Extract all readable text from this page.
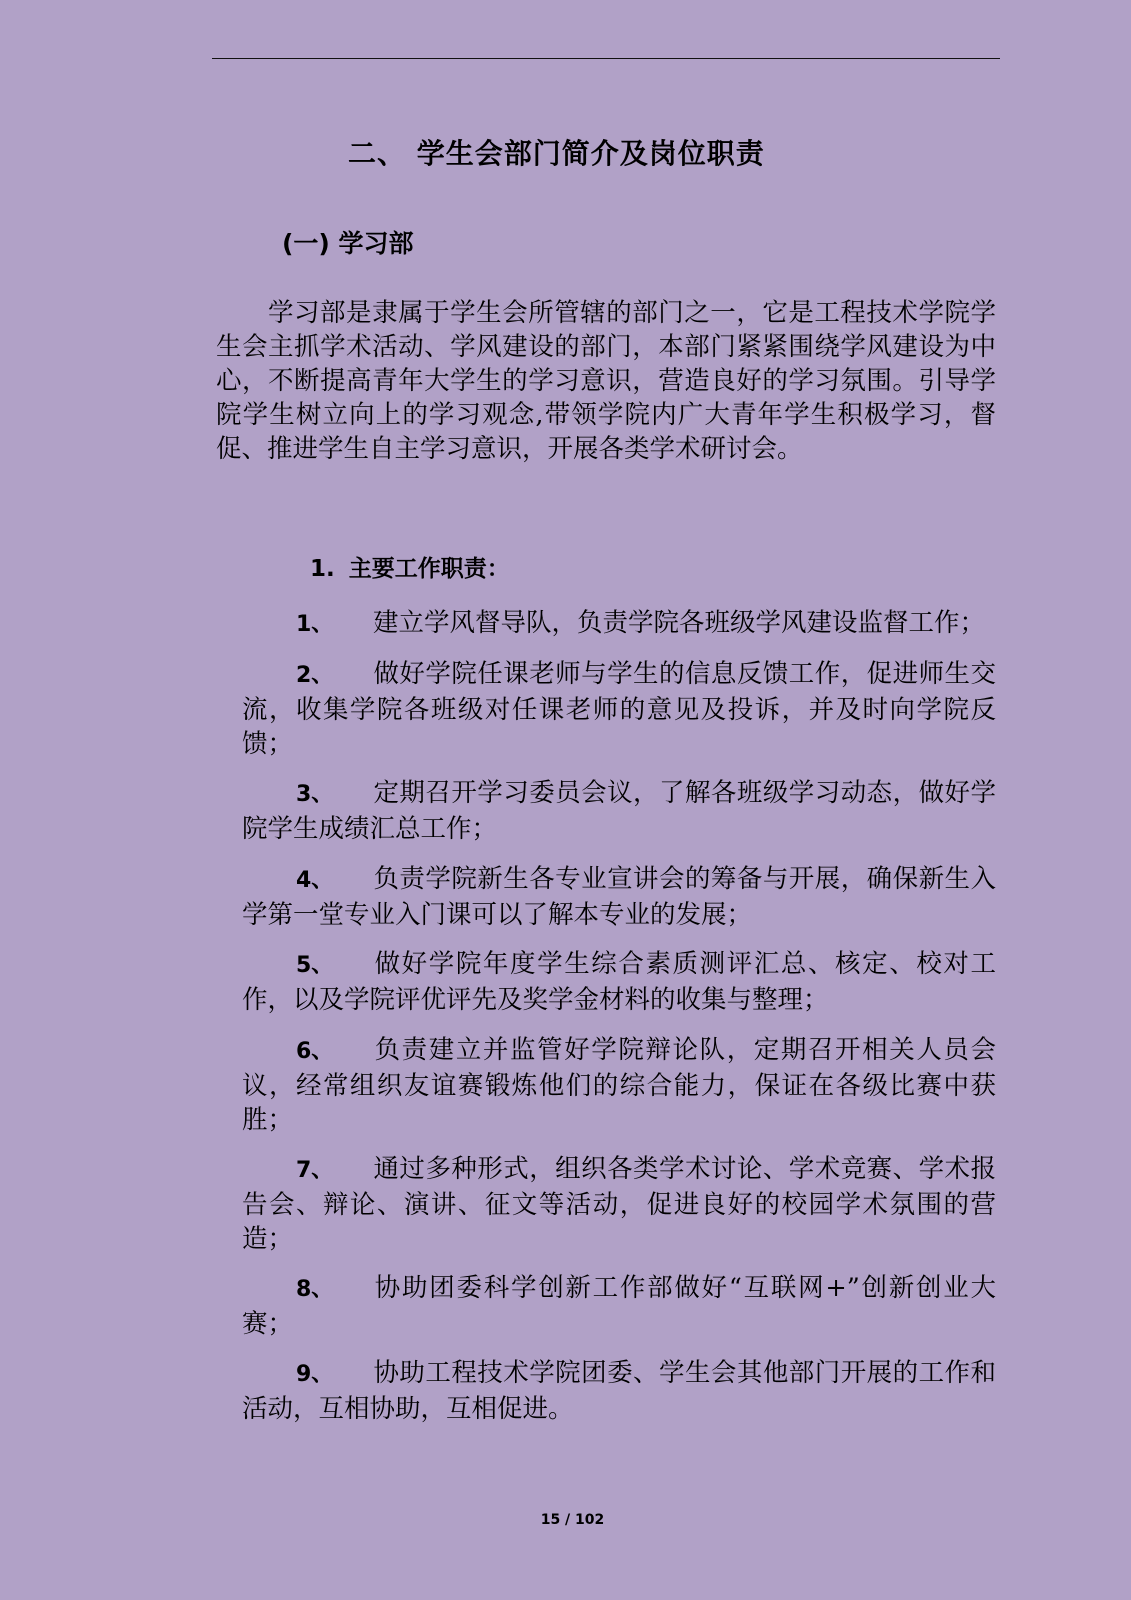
二、 学生会部门简介及岗位职责
(一) 学习部

学习部是隶属于学生会所管辖的部门之一，它是工程技术学院学生会主抓学术活动、学风建设的部门，本部门紧紧围绕学风建设为中心，不断提高青年大学生的学习意识，营造良好的学习氛围。引导学院学生树立向上的学习观念,带领学院内广大青年学生积极学习，督促、推进学生自主学习意识，开展各类学术研讨会。

1. 主要工作职责：

1、 建立学风督导队，负责学院各班级学风建设监督工作；

2、 做好学院任课老师与学生的信息反馈工作，促进师生交流，收集学院各班级对任课老师的意见及投诉，并及时向学院反馈；

3、 定期召开学习委员会议，了解各班级学习动态，做好学院学生成绩汇总工作；

4、 负责学院新生各专业宣讲会的筹备与开展，确保新生入学第一堂专业入门课可以了解本专业的发展；

5、 做好学院年度学生综合素质测评汇总、核定、校对工作，以及学院评优评先及奖学金材料的收集与整理；

6、 负责建立并监管好学院辩论队，定期召开相关人员会议，经常组织友谊赛锻炼他们的综合能力，保证在各级比赛中获胜；

7、 通过多种形式，组织各类学术讨论、学术竞赛、学术报告会、辩论、演讲、征文等活动，促进良好的校园学术氛围的营造；

8、 协助团委科学创新工作部做好“互联网+”创新创业大赛；

9、 协助工程技术学院团委、学生会其他部门开展的工作和活动，互相协助，互相促进。

15 / 102
